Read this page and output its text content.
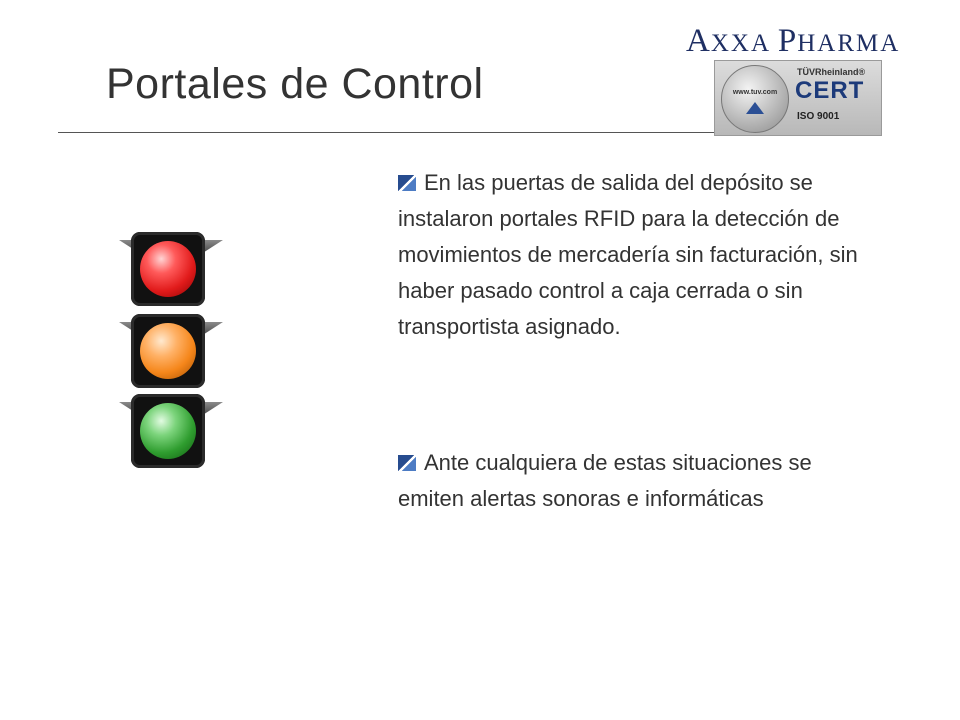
AXXA PHARMA
Portales de Control	www.tuv.com
TÜVRheinland®
CERT
ISO 9001

En las puertas de salida del depósito se instalaron portales RFID para la detección de movimientos de mercadería sin facturación, sin haber pasado control a caja cerrada o sin transportista asignado.

Ante cualquiera de estas situaciones se emiten alertas sonoras e informáticas
